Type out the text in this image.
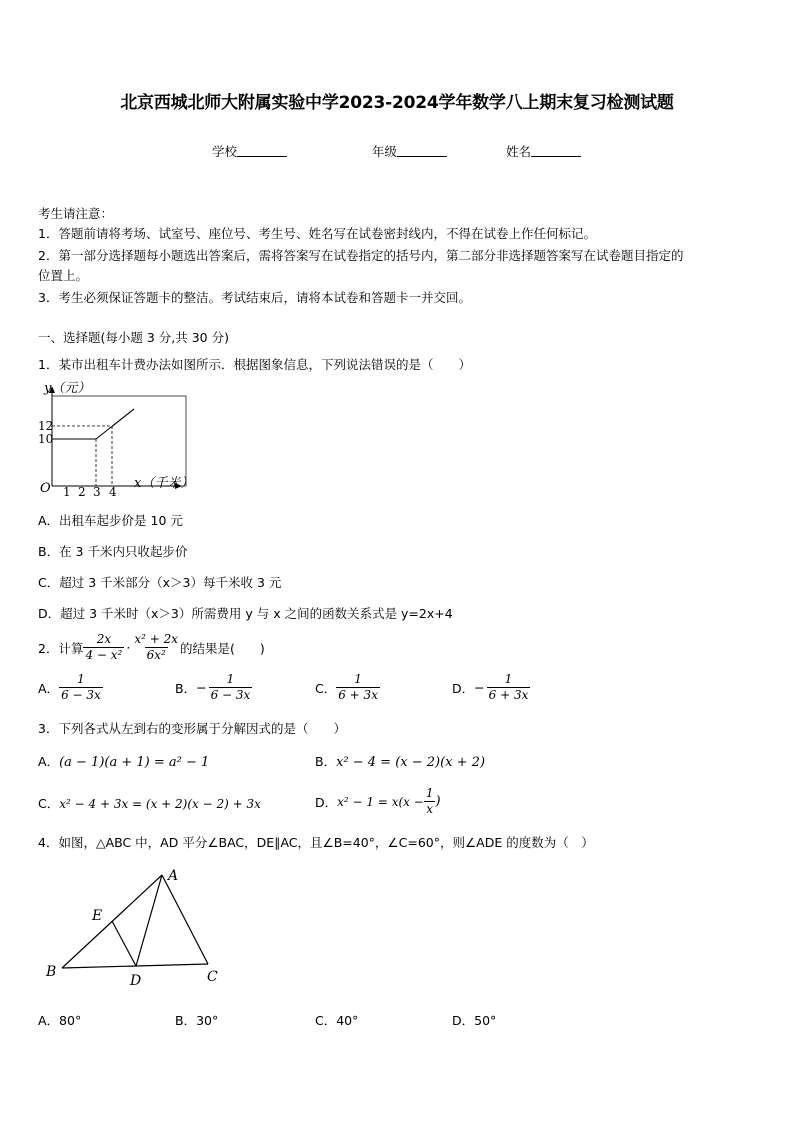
北京西城北师大附属实验中学2023-2024学年数学八上期末复习检测试题
学校	年级	姓名
考生请注意：
1．答题前请将考场、试室号、座位号、考生号、姓名写在试卷密封线内，不得在试卷上作任何标记。
2．第一部分选择题每小题选出答案后，需将答案写在试卷指定的括号内，第二部分非选择题答案写在试卷题目指定的
位置上。
3．考生必须保证答题卡的整洁。考试结束后，请将本试卷和答题卡一并交回。
一、选择题(每小题 3 分,共 30 分)
1．某市出租车计费办法如图所示．根据图象信息，下列说法错误的是（　　）
y（元）
12
10
O 1 2 3 4
x（千米）
A．出租车起步价是 10 元
B．在 3 千米内只收起步价
C．超过 3 千米部分（x＞3）每千米收 3 元
D．超过 3 千米时（x＞3）所需费用 y 与 x 之间的函数关系式是 y=2x+4
2．计算 $\frac{2x}{\text{4 − x²}} \cdot \frac{\text{x² + 2x}}{\text{6x²}}$ 的结果是(　　)
A． $\frac{1}{6 - 3x}$	B． − $\frac{1}{6 - 3x}$	C． $\frac{1}{6 + 3x}$	D． − $\frac{1}{6 + 3x}$
3．下列各式从左到右的变形属于分解因式的是（　　）
A．(a − 1)(a + 1) = a² − 1	B．x² − 4 = (x − 2)(x + 2)
C．x² − 4 + 3x = (x + 2)(x − 2) + 3x	D． $x^2 - 1 = x(x - \frac{1}{x}$ )
4．如图，△ABC 中，AD 平分∠BAC，DE∥AC，且∠B=40°，∠C=60°，则∠ADE 的度数为（　）
A
B	C
D
E
A．80°	B．30°	C．40°	D．50°
